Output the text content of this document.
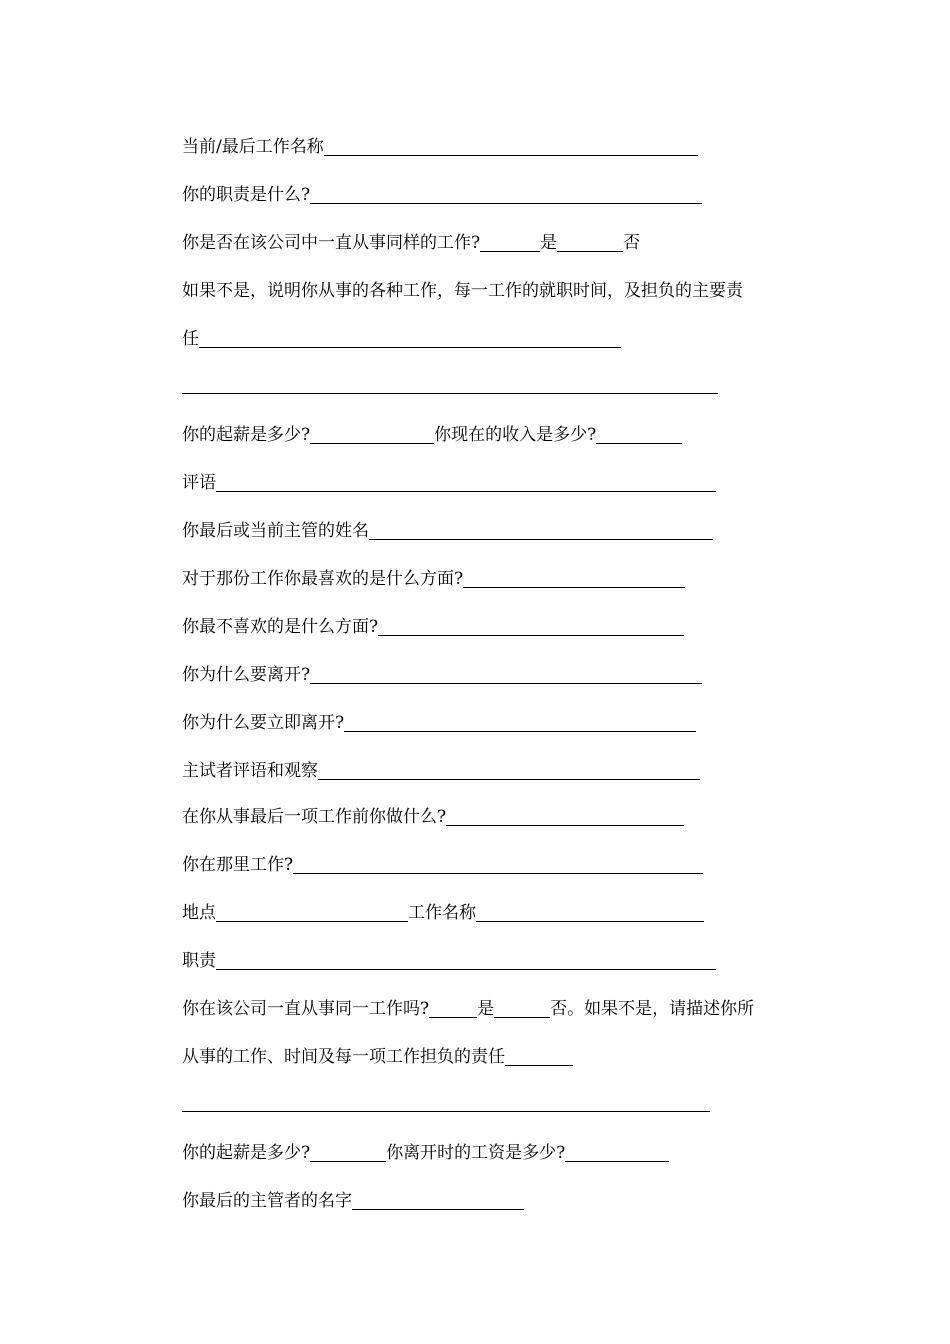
当前/最后工作名称
你的职责是什么?
你是否在该公司中一直从事同样的工作?	是	否
如果不是，说明你从事的各种工作，每一工作的就职时间，及担负的主要责
任
你的起薪是多少?	你现在的收入是多少?
评语
你最后或当前主管的姓名
对于那份工作你最喜欢的是什么方面?
你最不喜欢的是什么方面?
你为什么要离开?
你为什么要立即离开?
主试者评语和观察
在你从事最后一项工作前你做什么?
你在那里工作?
地点	工作名称
职责
你在该公司一直从事同一工作吗?	是	否。如果不是，请描述你所
从事的工作、时间及每一项工作担负的责任
你的起薪是多少?	你离开时的工资是多少?
你最后的主管者的名字
